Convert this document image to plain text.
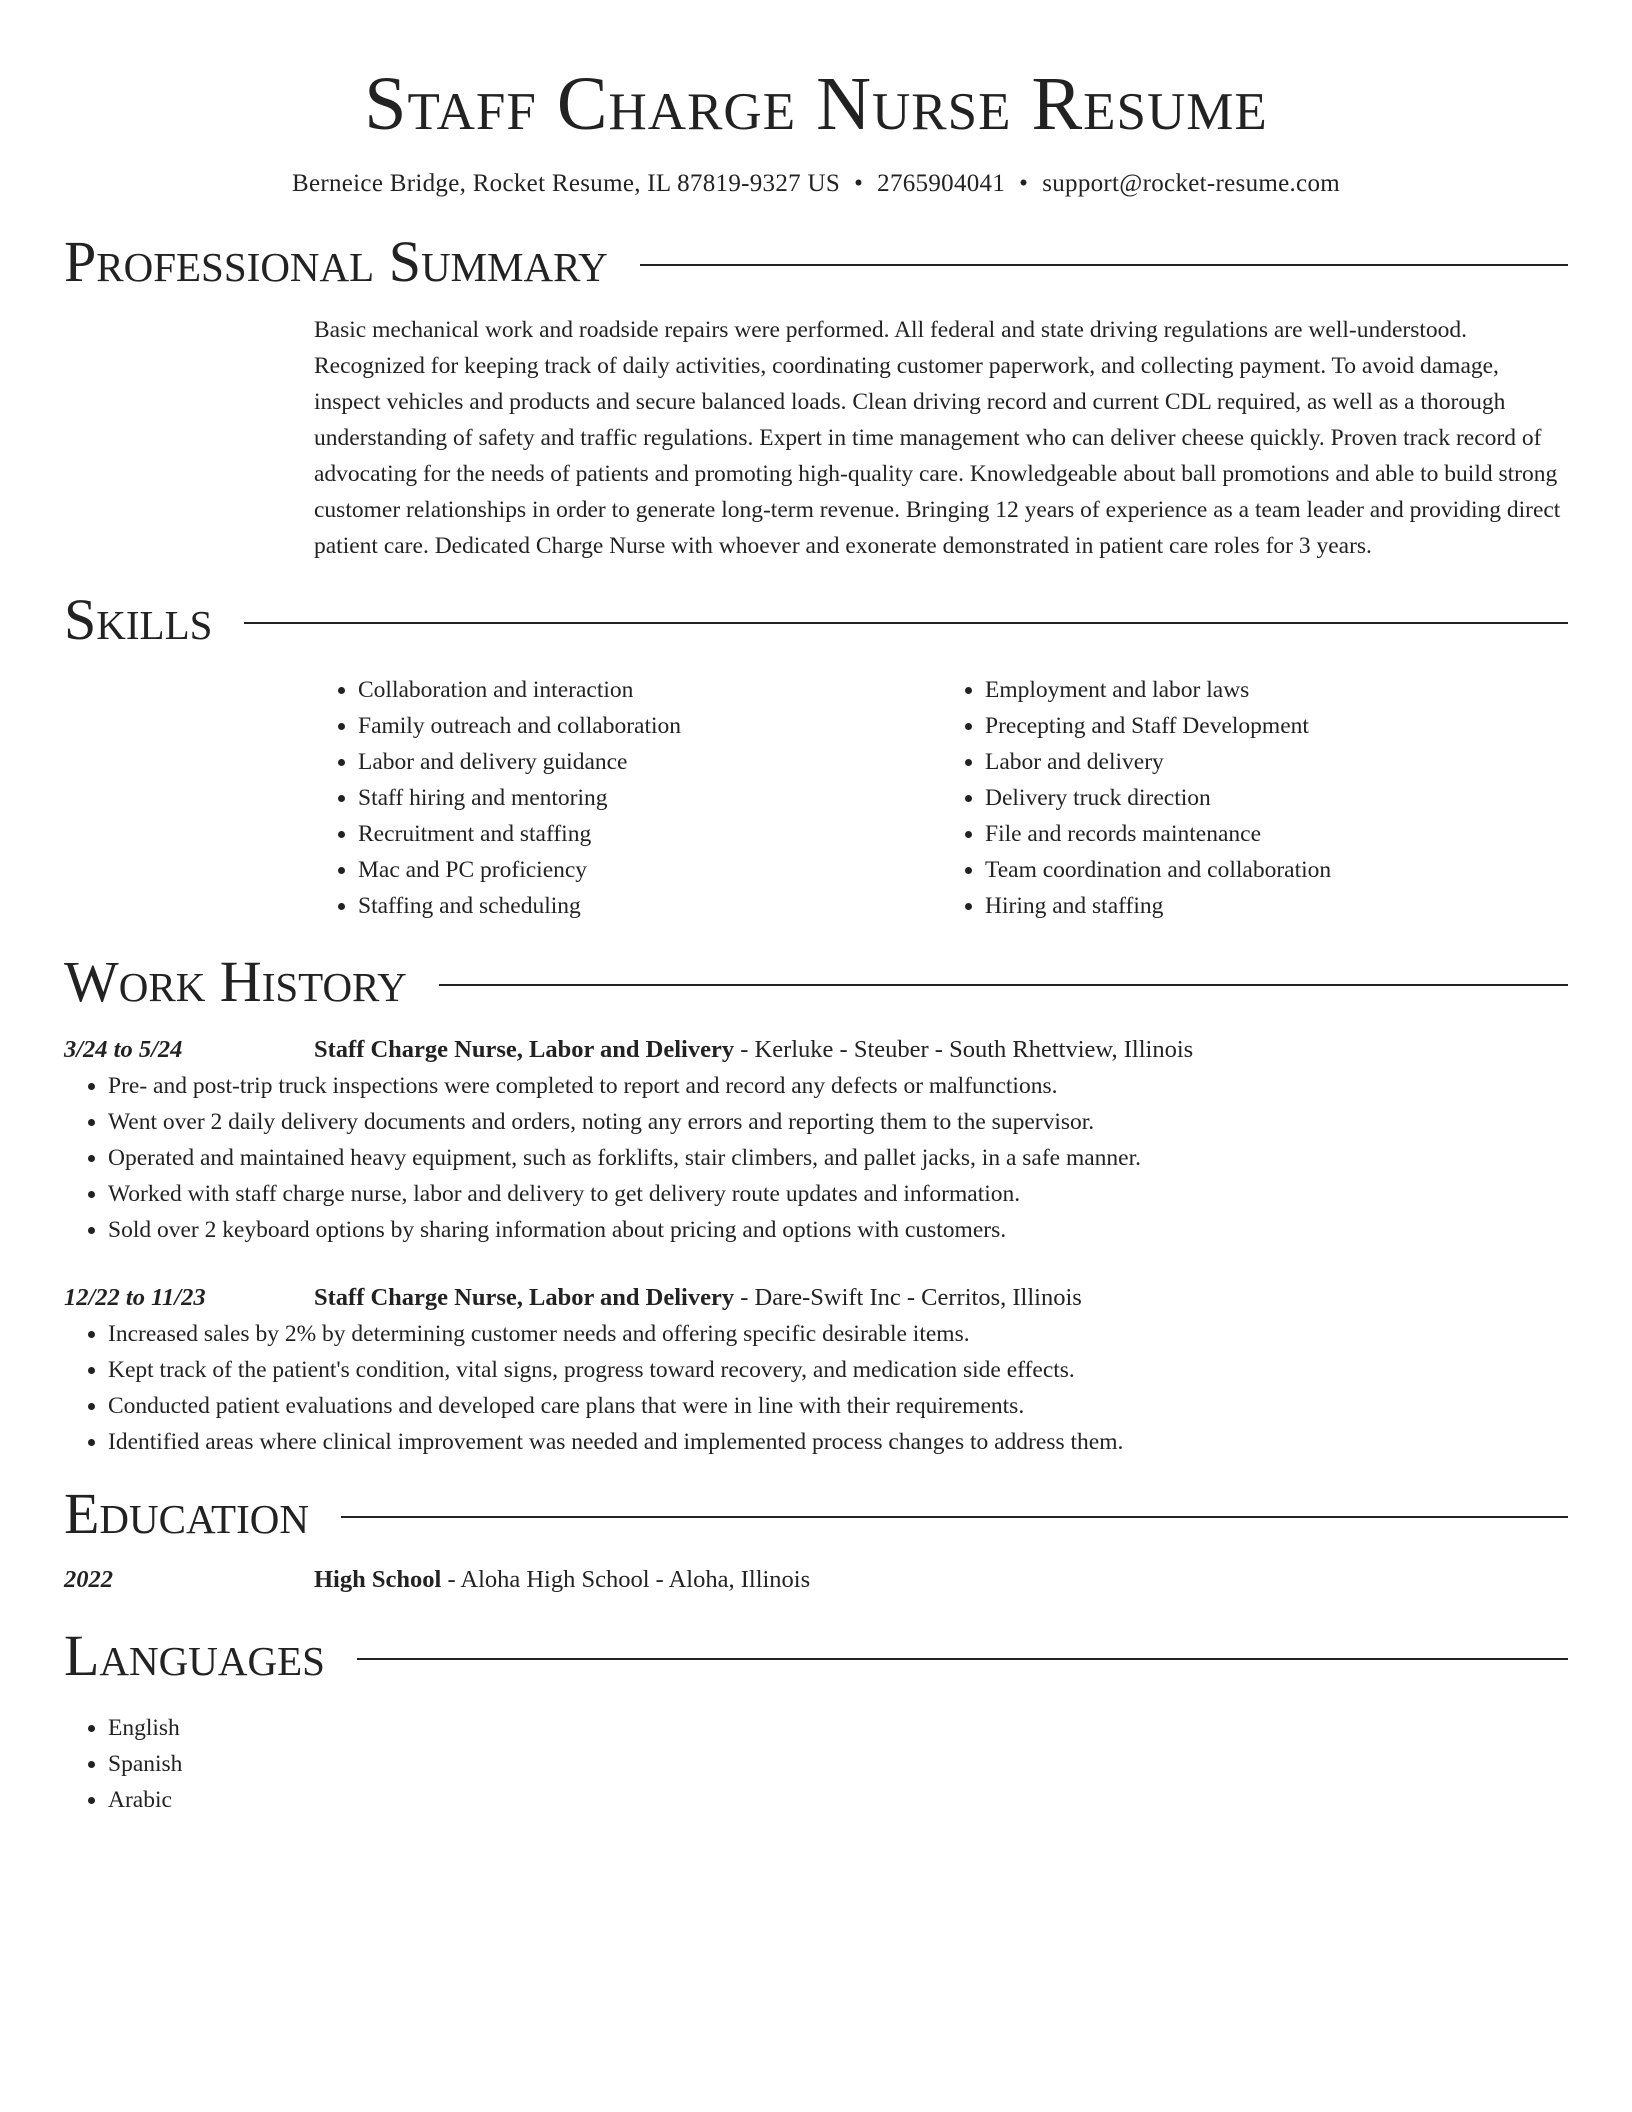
Staff Charge Nurse Resume
Berneice Bridge, Rocket Resume, IL 87819-9327 US • 2765904041 • support@rocket-resume.com
Professional Summary
Basic mechanical work and roadside repairs were performed. All federal and state driving regulations are well-understood. Recognized for keeping track of daily activities, coordinating customer paperwork, and collecting payment. To avoid damage, inspect vehicles and products and secure balanced loads. Clean driving record and current CDL required, as well as a thorough understanding of safety and traffic regulations. Expert in time management who can deliver cheese quickly. Proven track record of advocating for the needs of patients and promoting high-quality care. Knowledgeable about ball promotions and able to build strong customer relationships in order to generate long-term revenue. Bringing 12 years of experience as a team leader and providing direct patient care. Dedicated Charge Nurse with whoever and exonerate demonstrated in patient care roles for 3 years.
Skills
• Collaboration and interaction
• Family outreach and collaboration
• Labor and delivery guidance
• Staff hiring and mentoring
• Recruitment and staffing
• Mac and PC proficiency
• Staffing and scheduling
• Employment and labor laws
• Precepting and Staff Development
• Labor and delivery
• Delivery truck direction
• File and records maintenance
• Team coordination and collaboration
• Hiring and staffing
Work History
3/24 to 5/24	Staff Charge Nurse, Labor and Delivery - Kerluke - Steuber - South Rhettview, Illinois
• Pre- and post-trip truck inspections were completed to report and record any defects or malfunctions.
• Went over 2 daily delivery documents and orders, noting any errors and reporting them to the supervisor.
• Operated and maintained heavy equipment, such as forklifts, stair climbers, and pallet jacks, in a safe manner.
• Worked with staff charge nurse, labor and delivery to get delivery route updates and information.
• Sold over 2 keyboard options by sharing information about pricing and options with customers.
12/22 to 11/23	Staff Charge Nurse, Labor and Delivery - Dare-Swift Inc - Cerritos, Illinois
• Increased sales by 2% by determining customer needs and offering specific desirable items.
• Kept track of the patient's condition, vital signs, progress toward recovery, and medication side effects.
• Conducted patient evaluations and developed care plans that were in line with their requirements.
• Identified areas where clinical improvement was needed and implemented process changes to address them.
Education
2022	High School - Aloha High School - Aloha, Illinois
Languages
• English
• Spanish
• Arabic
